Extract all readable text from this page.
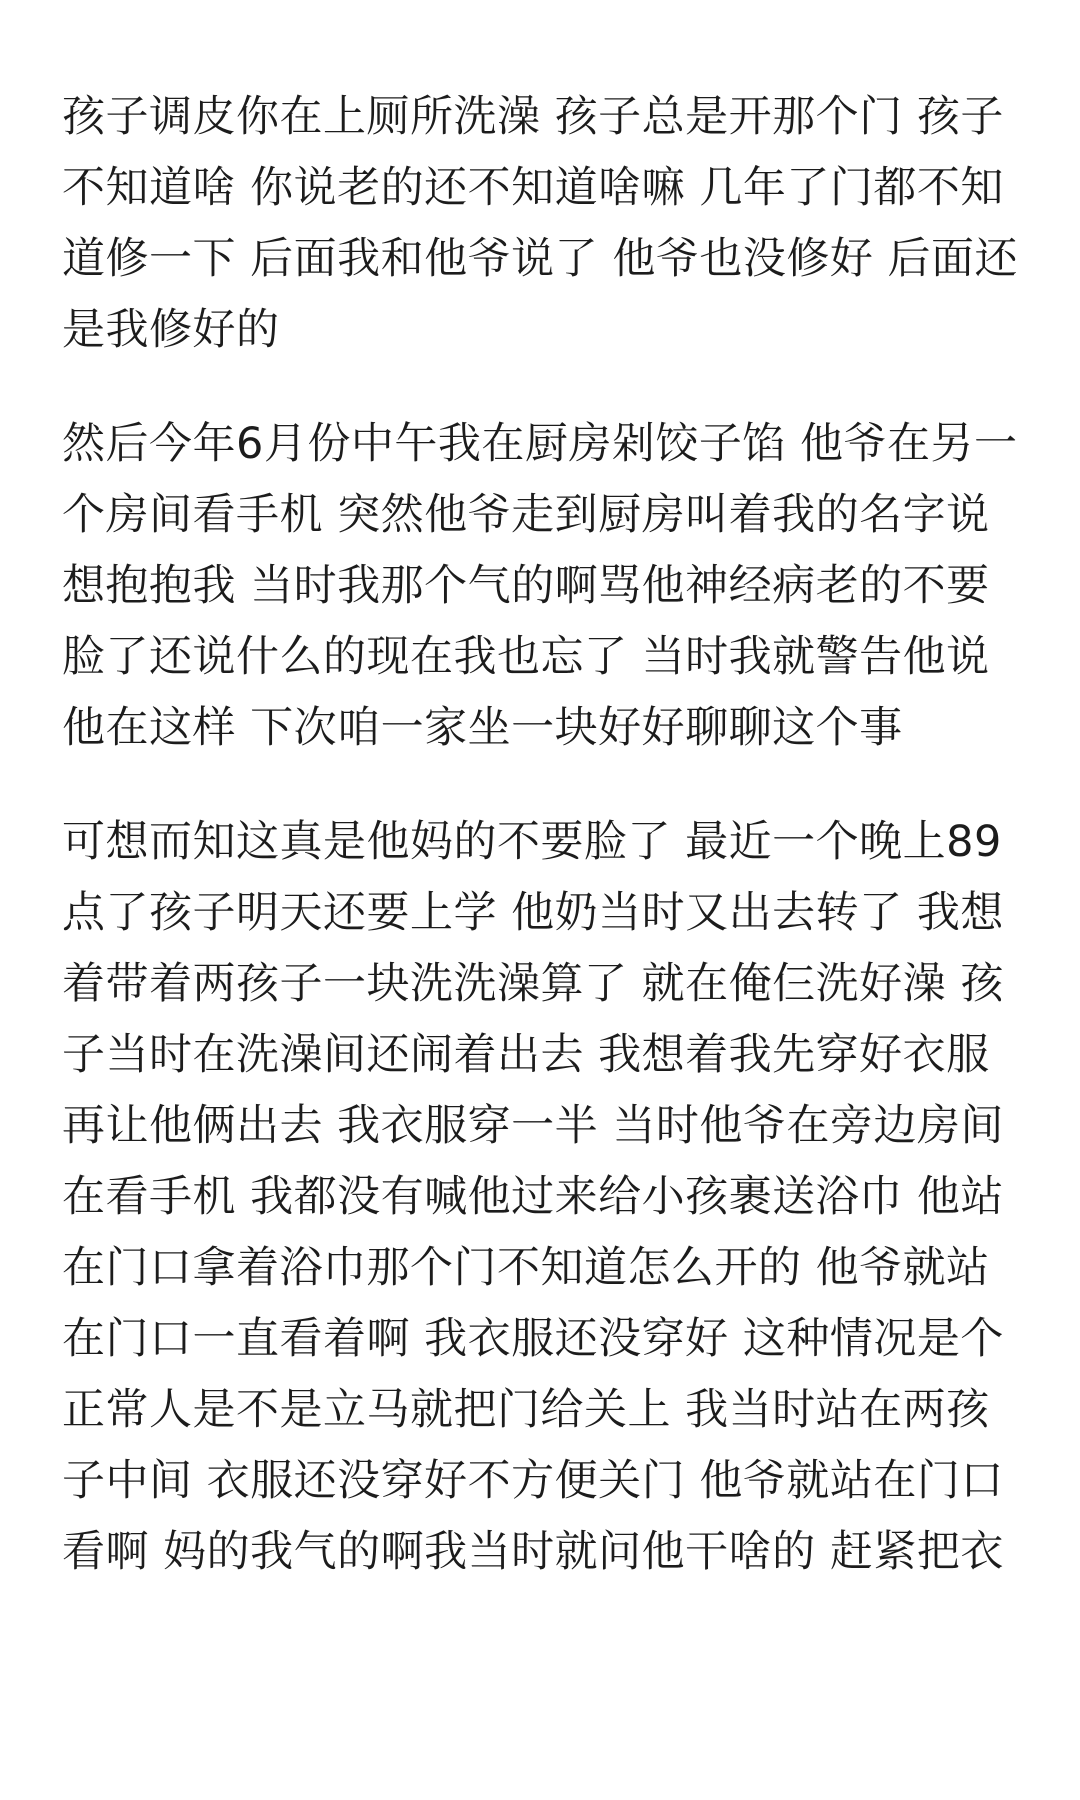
孩子调皮你在上厕所洗澡 孩子总是开那个门 孩子
不知道啥 你说老的还不知道啥嘛 几年了门都不知
道修一下 后面我和他爷说了 他爷也没修好 后面还
是我修好的

然后今年6月份中午我在厨房剁饺子馅 他爷在另一
个房间看手机 突然他爷走到厨房叫着我的名字说
想抱抱我 当时我那个气的啊骂他神经病老的不要
脸了还说什么的现在我也忘了 当时我就警告他说
他在这样 下次咱一家坐一块好好聊聊这个事

可想而知这真是他妈的不要脸了 最近一个晚上89
点了孩子明天还要上学 他奶当时又出去转了 我想
着带着两孩子一块洗洗澡算了 就在俺仨洗好澡 孩
子当时在洗澡间还闹着出去 我想着我先穿好衣服
再让他俩出去 我衣服穿一半 当时他爷在旁边房间
在看手机 我都没有喊他过来给小孩裹送浴巾 他站
在门口拿着浴巾那个门不知道怎么开的 他爷就站
在门口一直看着啊 我衣服还没穿好 这种情况是个
正常人是不是立马就把门给关上 我当时站在两孩
子中间 衣服还没穿好不方便关门 他爷就站在门口
看啊 妈的我气的啊我当时就问他干啥的 赶紧把衣
